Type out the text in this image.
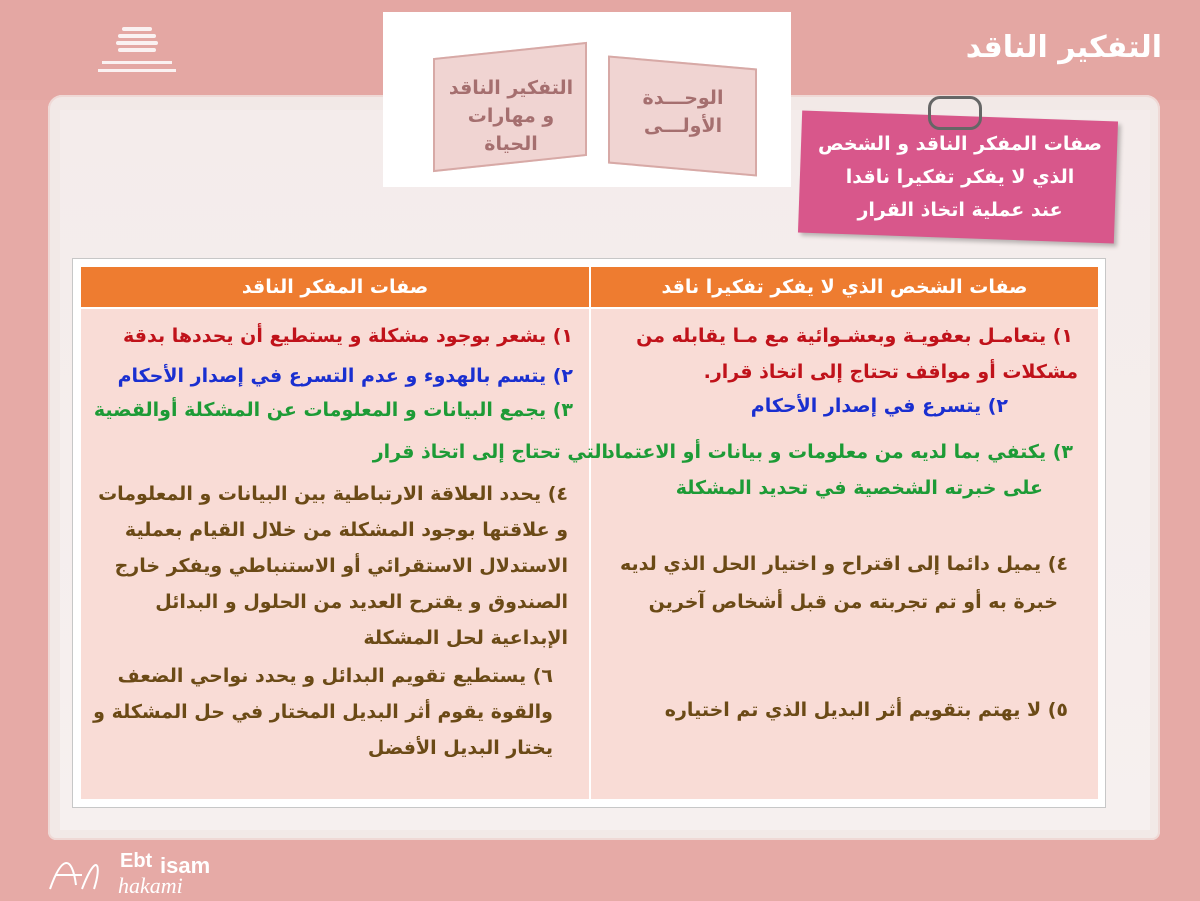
التفكير الناقد
التفكير الناقد و مهارات الحياة
الوحـــدة الأولـــى
صفات المفكر الناقد و الشخص
الذي لا يفكر تفكيرا ناقدا
عند عملية اتخاذ القرار
صفات الشخص الذي لا يفكر تفكيرا ناقد
صفات المفكر الناقد
١) يشعر بوجود مشكلة و يستطيع أن يحددها بدقة
٢) يتسم بالهدوء و عدم التسرع في إصدار الأحكام
٣) يجمع البيانات و المعلومات عن المشكلة أوالقضية
التي تحتاج إلى اتخاذ قرار
٤) يحدد العلاقة الارتباطية بين البيانات و المعلومات
و علاقتها بوجود المشكلة من خلال القيام بعملية
الاستدلال الاستقرائي أو الاستنباطي ويفكر خارج
الصندوق و يقترح العديد من الحلول و البدائل
الإبداعية لحل المشكلة
٦) يستطيع تقويم البدائل و يحدد نواحي الضعف
والقوة يقوم أثر البديل المختار في حل المشكلة و
يختار البديل الأفضل
١) يتعامـل بعفويـة وبعشـوائية مع مـا يقابله من
مشكلات أو مواقف تحتاج إلى اتخاذ قرار.
٢) يتسرع في إصدار الأحكام
٣) يكتفي بما لديه من معلومات و بيانات أو الاعتماد
على خبرته الشخصية في تحديد المشكلة
٤) يميل دائما إلى اقتراح و اختيار الحل الذي لديه
خبرة به أو تم تجربته من قبل أشخاص آخرين
٥) لا يهتم بتقويم أثر البديل الذي تم اختياره
Ebt isam
hakami
